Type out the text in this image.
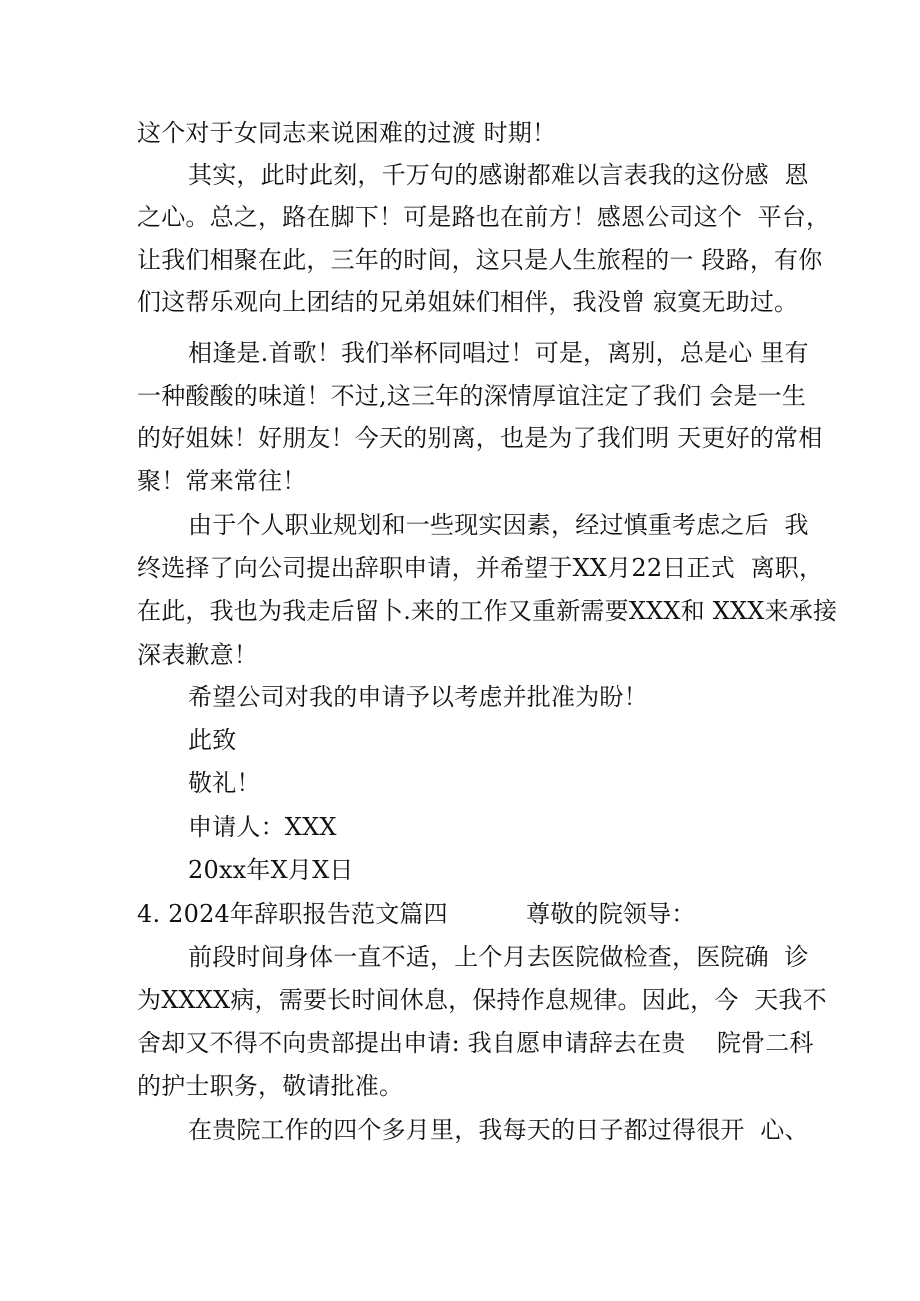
这个对于女同志来说困难的过渡 时期！
其实，此时此刻，千万句的感谢都难以言表我的这份感  恩
之心。总之，路在脚下！可是路也在前方！感恩公司这个  平台，
让我们相聚在此，三年的时间，这只是人生旅程的一 段路，有你
们这帮乐观向上团结的兄弟姐妹们相伴，我没曾 寂寞无助过。
相逢是.首歌！我们举杯同唱过！可是，离别，总是心 里有
一种酸酸的味道！不过,这三年的深情厚谊注定了我们 会是一生
的好姐妹！好朋友！今天的别离，也是为了我们明 天更好的常相
聚！常来常往！
由于个人职业规划和一些现实因素，经过慎重考虑之后  我
终选择了向公司提出辞职申请，并希望于XX月22日正式  离职，
在此，我也为我走后留卜.来的工作又重新需要XXX和 XXX来承接
深表歉意！
希望公司对我的申请予以考虑并批准为盼！
此致
敬礼！
申请人：XXX
20xx年X月X日
4. 2024年辞职报告范文篇四          尊敬的院领导：
前段时间身体一直不适，上个月去医院做检查，医院确  诊
为XXXX病，需要长时间休息，保持作息规律。因此，今  天我不
舍却又不得不向贵部提出申请: 我自愿申请辞去在贵    院骨二科
的护士职务，敬请批准。
在贵院工作的四个多月里，我每天的日子都过得很开  心、
